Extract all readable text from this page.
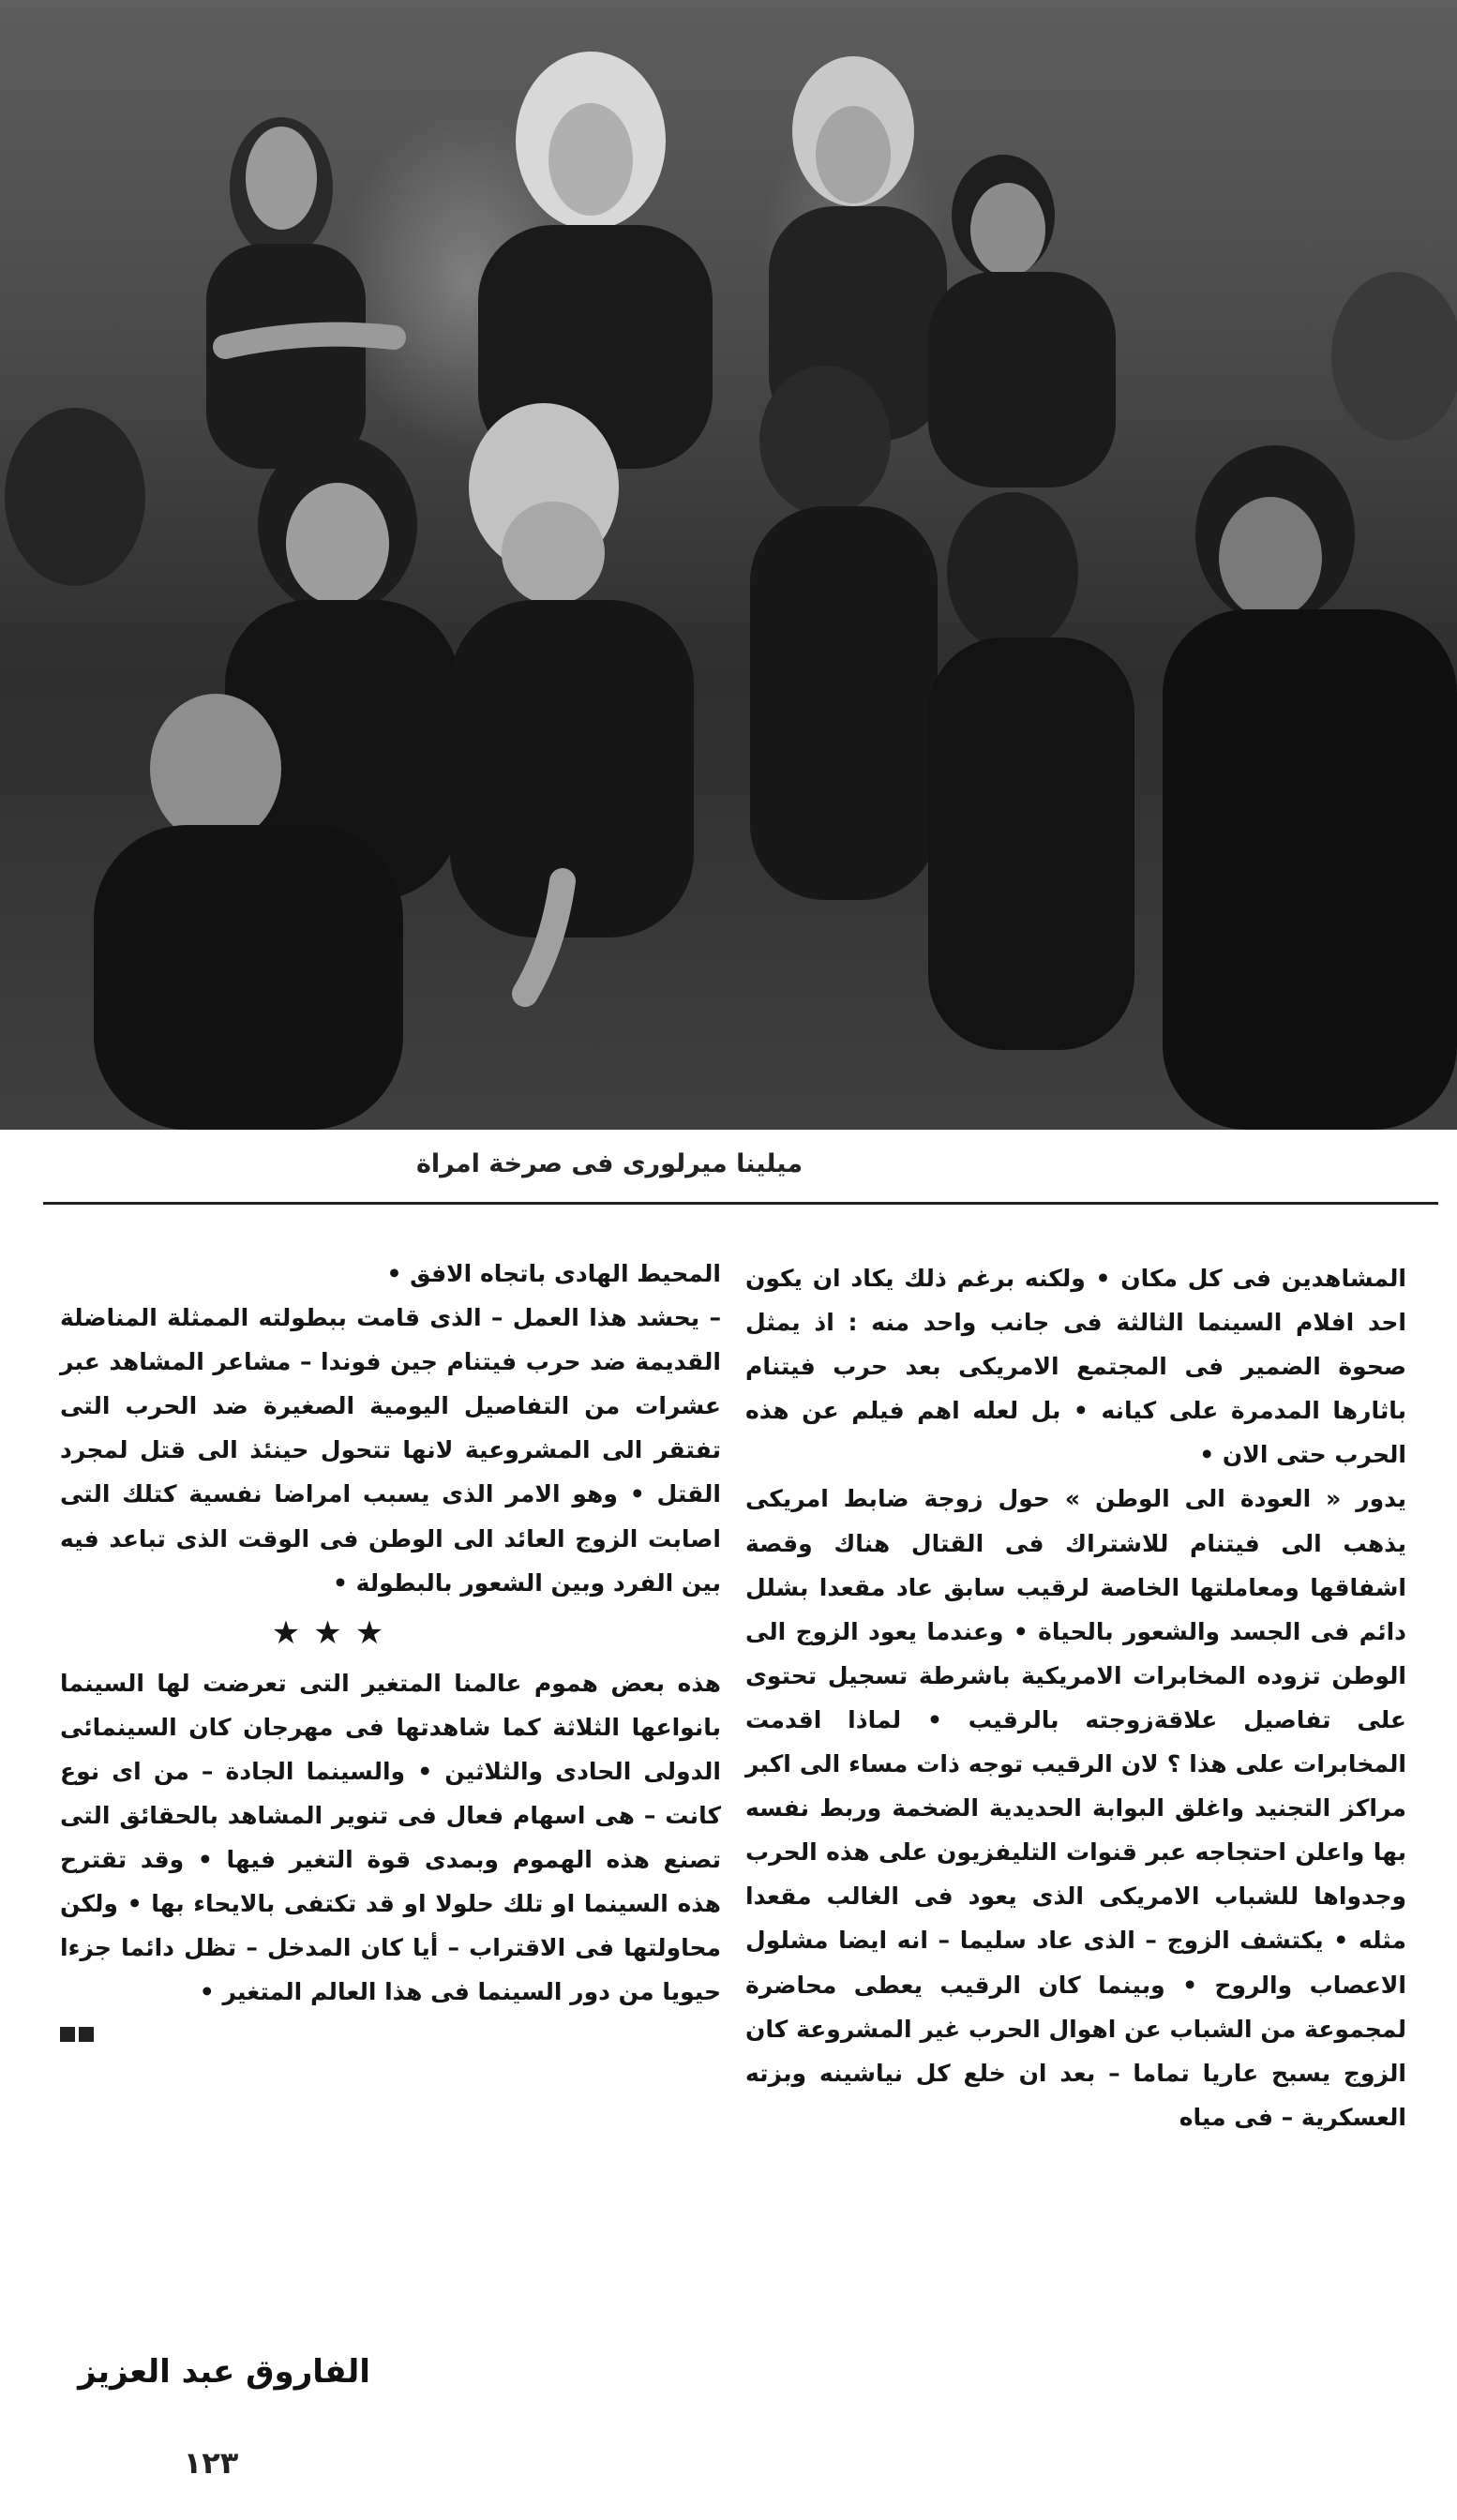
ميلينا ميرلورى فى صرخة امراة

المشاهدين فى كل مكان • ولكنه برغم ذلك يكاد ان يكون احد افلام السينما الثالثة فى جانب واحد منه : اذ يمثل صحوة الضمير فى المجتمع الامريكى بعد حرب فيتنام باثارها المدمرة على كيانه • بل لعله اهم فيلم عن هذه الحرب حتى الان •

يدور « العودة الى الوطن » حول زوجة ضابط امريكى يذهب الى فيتنام للاشتراك فى القتال هناك وقصة اشفاقها ومعاملتها الخاصة لرقيب سابق عاد مقعدا بشلل دائم فى الجسد والشعور بالحياة • وعندما يعود الزوج الى الوطن تزوده المخابرات الامريكية باشرطة تسجيل تحتوى على تفاصيل علاقةزوجته بالرقيب • لماذا اقدمت المخابرات على هذا ؟ لان الرقيب توجه ذات مساء الى اكبر مراكز التجنيد واغلق البوابة الحديدية الضخمة وربط نفسه بها واعلن احتجاجه عبر قنوات التليفزيون على هذه الحرب وجدواها للشباب الامريكى الذى يعود فى الغالب مقعدا مثله • يكتشف الزوج – الذى عاد سليما – انه ايضا مشلول الاعصاب والروح • وبينما كان الرقيب يعطى محاضرة لمجموعة من الشباب عن اهوال الحرب غير المشروعة كان الزوج يسبح عاريا تماما – بعد ان خلع كل نياشينه وبزته العسكرية – فى مياه

المحيط الهادى باتجاه الافق •

– يحشد هذا العمل – الذى قامت ببطولته الممثلة المناضلة القديمة ضد حرب فيتنام جين فوندا – مشاعر المشاهد عبر عشرات من التفاصيل اليومية الصغيرة ضد الحرب التى تفتقر الى المشروعية لانها تتحول حينئذ الى قتل لمجرد القتل • وهو الامر الذى يسبب امراضا نفسية كتلك التى اصابت الزوج العائد الى الوطن فى الوقت الذى تباعد فيه بين الفرد وبين الشعور بالبطولة •

★★★

هذه بعض هموم عالمنا المتغير التى تعرضت لها السينما بانواعها الثلاثة كما شاهدتها فى مهرجان كان السينمائى الدولى الحادى والثلاثين • والسينما الجادة – من اى نوع كانت – هى اسهام فعال فى تنوير المشاهد بالحقائق التى تصنع هذه الهموم وبمدى قوة التغير فيها • وقد تقترح هذه السينما او تلك حلولا او قد تكتفى بالايحاء بها • ولكن محاولتها فى الاقتراب – أيا كان المدخل – تظل دائما جزءا حيويا من دور السينما فى هذا العالم المتغير •

الفاروق عبد العزيز
١٢٣
